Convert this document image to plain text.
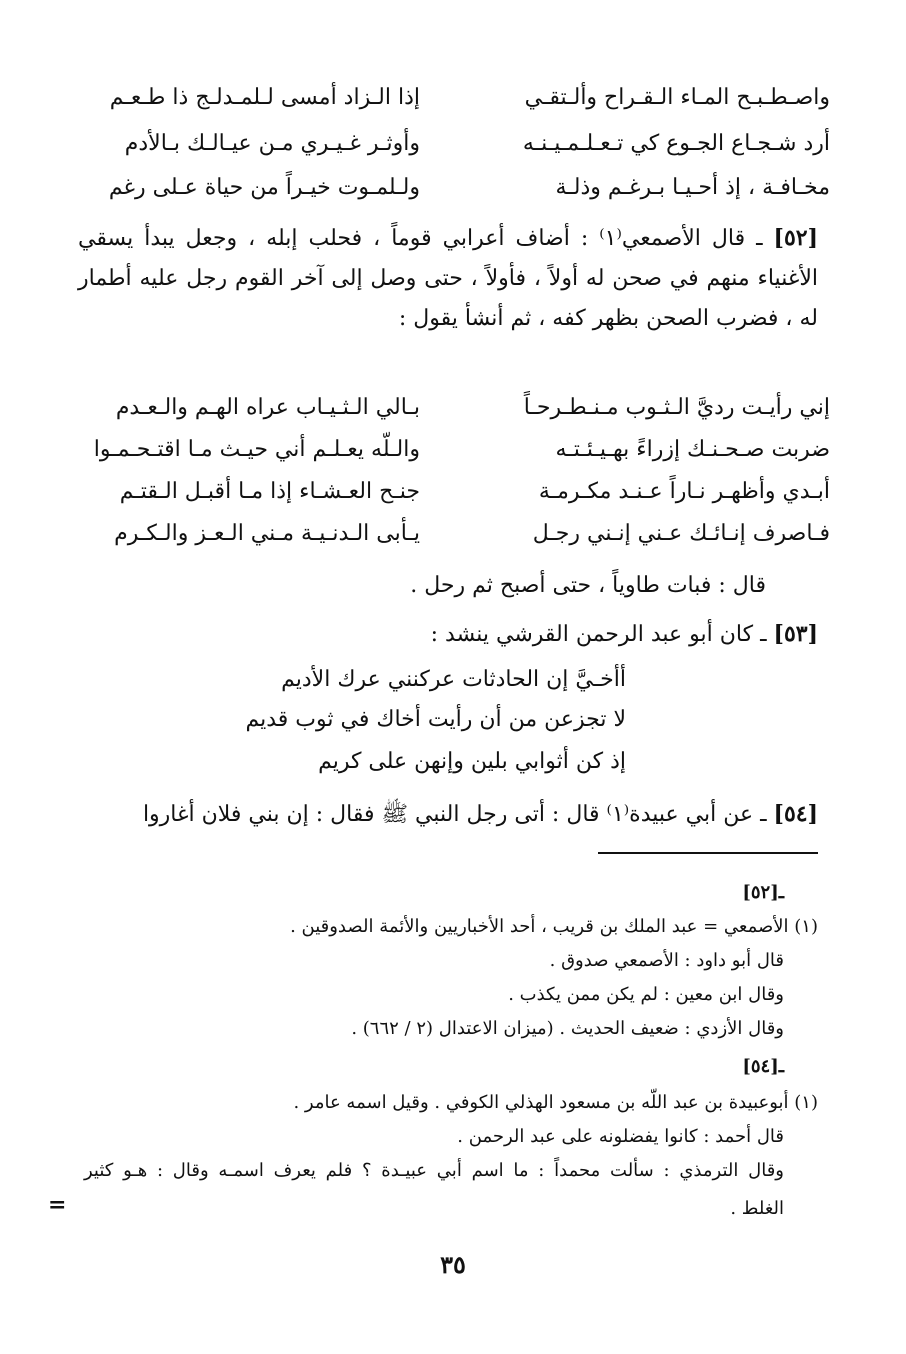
واصـطـبـح المـاء الـقـراح وألـتقـي
إذا الـزاد أمسى لـلمـدلـج ذا طـعـم
أرد شـجـاع الجـوع كي تـعـلـمـيـنـه
وأوثـر غـيـري مـن عيـالـك بـالأدم
مخـافـة ، إذ أحـيـا بـرغـم وذلـة
ولـلمـوت خيـراً من حياة عـلى رغم
[٥٢] ـ قال الأصمعي⁽١⁾ : أضاف أعرابي قوماً ، فحلب إبله ، وجعل يبدأ يسقي الأغنياء منهم في صحن له أولاً ، فأولاً ، حتى وصل إلى آخر القوم رجل عليه أطمار له ، فضرب الصحن بظهر كفه ، ثم أنشأ يقول :
إني رأيـت رديَّ الـثـوب مـنـطـرحـاً
بـالي الـثـيـاب عراه الهـم والـعـدم
ضربت صـحـنـك إزراءً بهـيـئـتـه
والـلّه يعـلـم أني حيـث مـا اقتـحـمـوا
أبـدي وأظهـر نـاراً عـنـد مكـرمـة
جنـح العـشـاء إذا مـا أقبـل الـقتـم
فـاصرف إنـائـك عـني إنـني رجـل
يـأبى الـدنـيـة مـني الـعـز والـكـرم
قال : فبات طاوياً ، حتى أصبح ثم رحل .
[٥٣] ـ كان أبو عبد الرحمن القرشي ينشد :
أأخـيَّ إن الحادثات عركنني عرك الأديم
لا تجزعن من أن رأيت أخاك في ثوب قديم
إذ كن أثوابي بلين وإنهن على كريم
[٥٤] ـ عن أبي عبيدة⁽١⁾ قال : أتى رجل النبي ﷺ فقال : إن بني فلان أغاروا
ـ[٥٢]
(١) الأصمعي = عبد الملك بن قريب ، أحد الأخباريين والأئمة الصدوقين .
قال أبو داود : الأصمعي صدوق .
وقال ابن معين : لم يكن ممن يكذب .
وقال الأزدي : ضعيف الحديث . (ميزان الاعتدال (٢ / ٦٦٢) .
ـ[٥٤]
(١) أبوعبيدة بن عبد اللّه بن مسعود الهذلي الكوفي . وقيل اسمه عامر .
قال أحمد : كانوا يفضلونه على عبد الرحمن .
وقال الترمذي : سألت محمداً : ما اسم أبي عبيـدة ؟ فلم يعرف اسمـه وقال : هـو كثير
الغلط .
=
٣٥
